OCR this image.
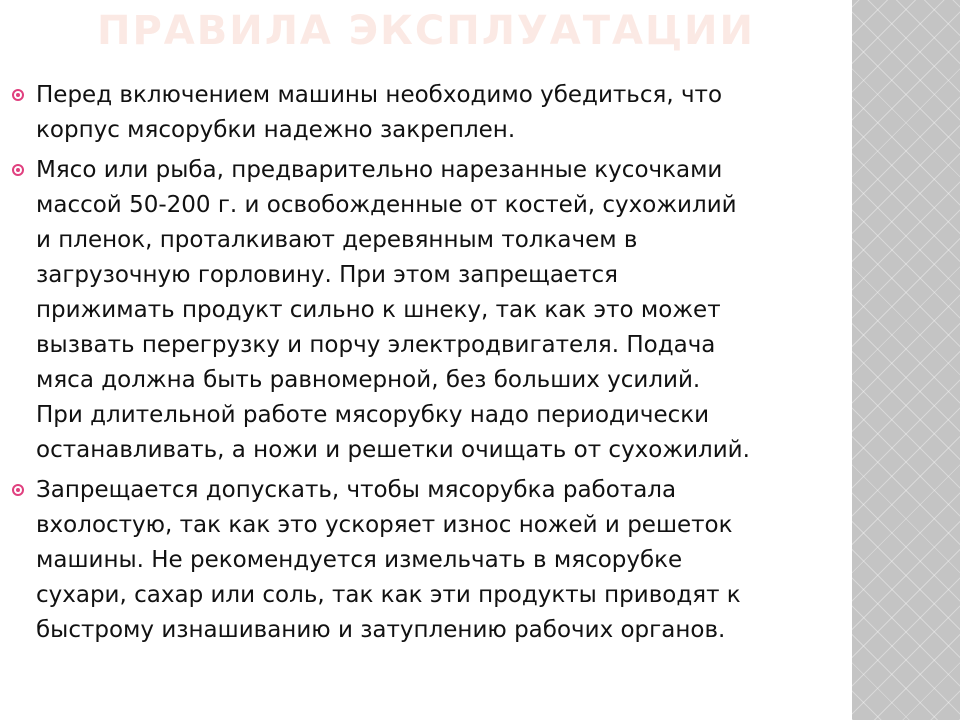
ПРАВИЛА ЭКСПЛУАТАЦИИ
Перед включением машины необходимо убедиться, что
корпус мясорубки надежно закреплен.
Мясо или рыба, предварительно нарезанные кусочками
массой 50-200 г. и освобожденные от костей, сухожилий
и пленок, проталкивают деревянным толкачем в
загрузочную горловину. При этом запрещается
прижимать продукт сильно к шнеку, так как это может
вызвать перегрузку и порчу электродвигателя. Подача
мяса должна быть равномерной, без больших усилий.
При длительной работе мясорубку надо периодически
останавливать, а ножи и решетки очищать от сухожилий.
Запрещается допускать, чтобы мясорубка работала
вхолостую, так как это ускоряет износ ножей и решеток
машины. Не рекомендуется измельчать в мясорубке
сухари, сахар или соль, так как эти продукты приводят к
быстрому изнашиванию и затуплению рабочих органов.
